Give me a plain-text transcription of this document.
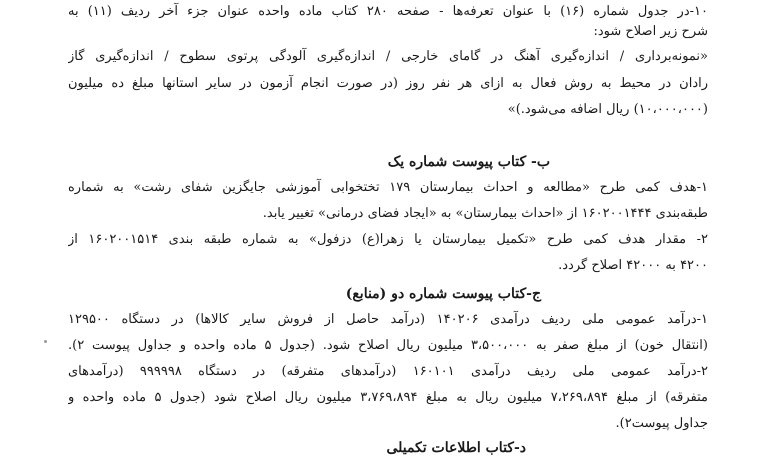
۱۰-در جدول شماره (۱۶) با عنوان تعرفه‌ها - صفحه ۲۸۰ کتاب ماده واحده عنوان جزء آخر ردیف (۱۱) به
شرح زیر اصلاح شود:
«نمونه‌برداری / اندازه‌گیری آهنگ در گامای خارجی / اندازه‌گیری آلودگی پرتوی سطوح / اندازه‌گیری گاز
رادان در محیط به روش فعال به ازای هر نفر روز (در صورت انجام آزمون در سایر استانها مبلغ ده میلیون
(۱۰،۰۰۰،۰۰۰) ریال اضافه می‌شود.)»
ب- کتاب پیوست شماره یک
۱-هدف کمی طرح «مطالعه و احداث بیمارستان ۱۷۹ تختخوابی آموزشی جایگزین شفای رشت» به شماره
طبقه‌بندی ۱۶۰۲۰۰۱۴۴۴ از «احداث بیمارستان» به «ایجاد فضای درمانی» تغییر یابد.
۲- مقدار هدف کمی طرح «تکمیل بیمارستان یا زهرا(ع) دزفول» به شماره طبقه بندی ۱۶۰۲۰۰۱۵۱۴ از
۴۲۰۰ به ۴۲۰۰۰ اصلاح گردد.
ج-کتاب پیوست شماره دو (منابع)
۱-درآمد عمومی ملی ردیف درآمدی ۱۴۰۲۰۶ (درآمد حاصل از فروش سایر کالاها) در دستگاه ۱۲۹۵۰۰
(انتقال خون) از مبلغ صفر به ۳،۵۰۰،۰۰۰ میلیون ریال اصلاح شود. (جدول ۵ ماده واحده و جداول پیوست ۲).
۲-درآمد عمومی ملی ردیف درآمدی ۱۶۰۱۰۱ (درآمدهای متفرقه) در دستگاه ۹۹۹۹۹۸ (درآمدهای
متفرقه) از مبلغ ۷،۲۶۹،۸۹۴ میلیون ریال به مبلغ ۳،۷۶۹،۸۹۴ میلیون ریال اصلاح شود (جدول ۵ ماده واحده و
جداول پیوست۲).
د-کتاب اطلاعات تکمیلی
